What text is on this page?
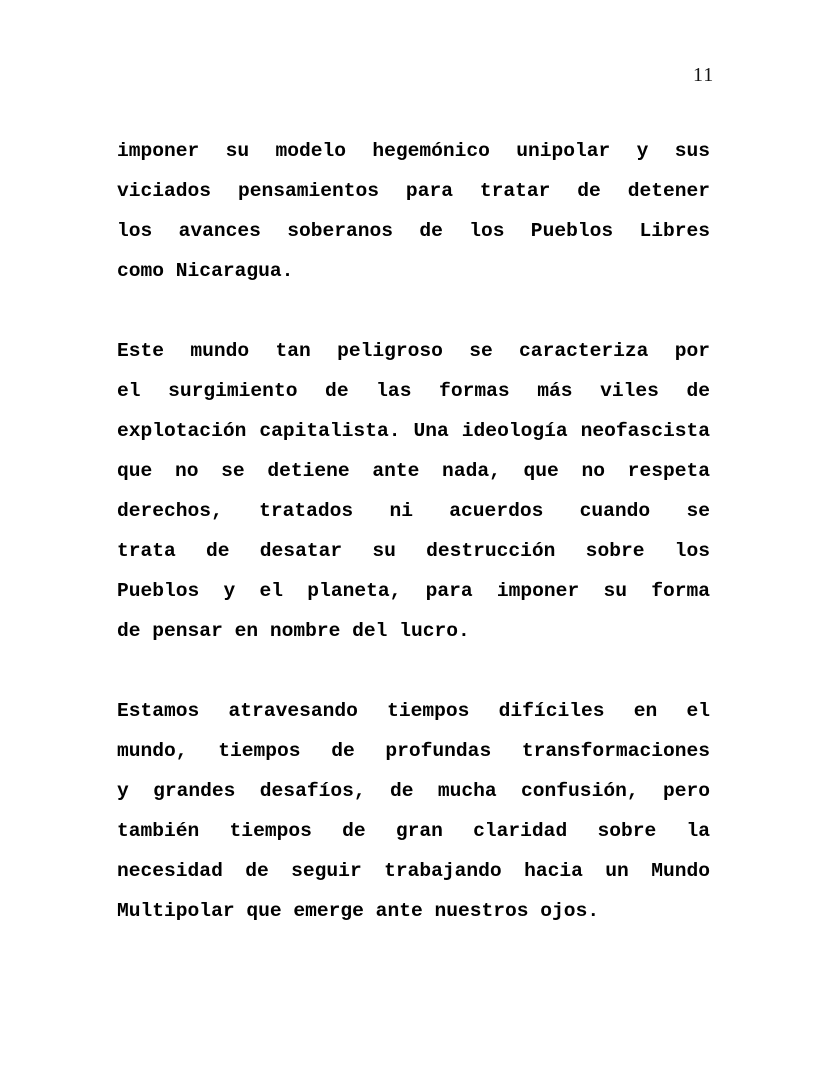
11

imponer su modelo hegemónico unipolar y sus
viciados pensamientos para tratar de detener
los avances soberanos de los Pueblos Libres
como Nicaragua.

Este mundo tan peligroso se caracteriza por
el surgimiento de las formas más viles de
explotación capitalista. Una ideología neofascista
que no se detiene ante nada, que no respeta
derechos, tratados ni acuerdos cuando se
trata de desatar su destrucción sobre los
Pueblos y el planeta, para imponer su forma
de pensar en nombre del lucro.

Estamos atravesando tiempos difíciles en el
mundo, tiempos de profundas transformaciones
y grandes desafíos, de mucha confusión, pero
también tiempos de gran claridad sobre la
necesidad de seguir trabajando hacia un Mundo
Multipolar que emerge ante nuestros ojos.
